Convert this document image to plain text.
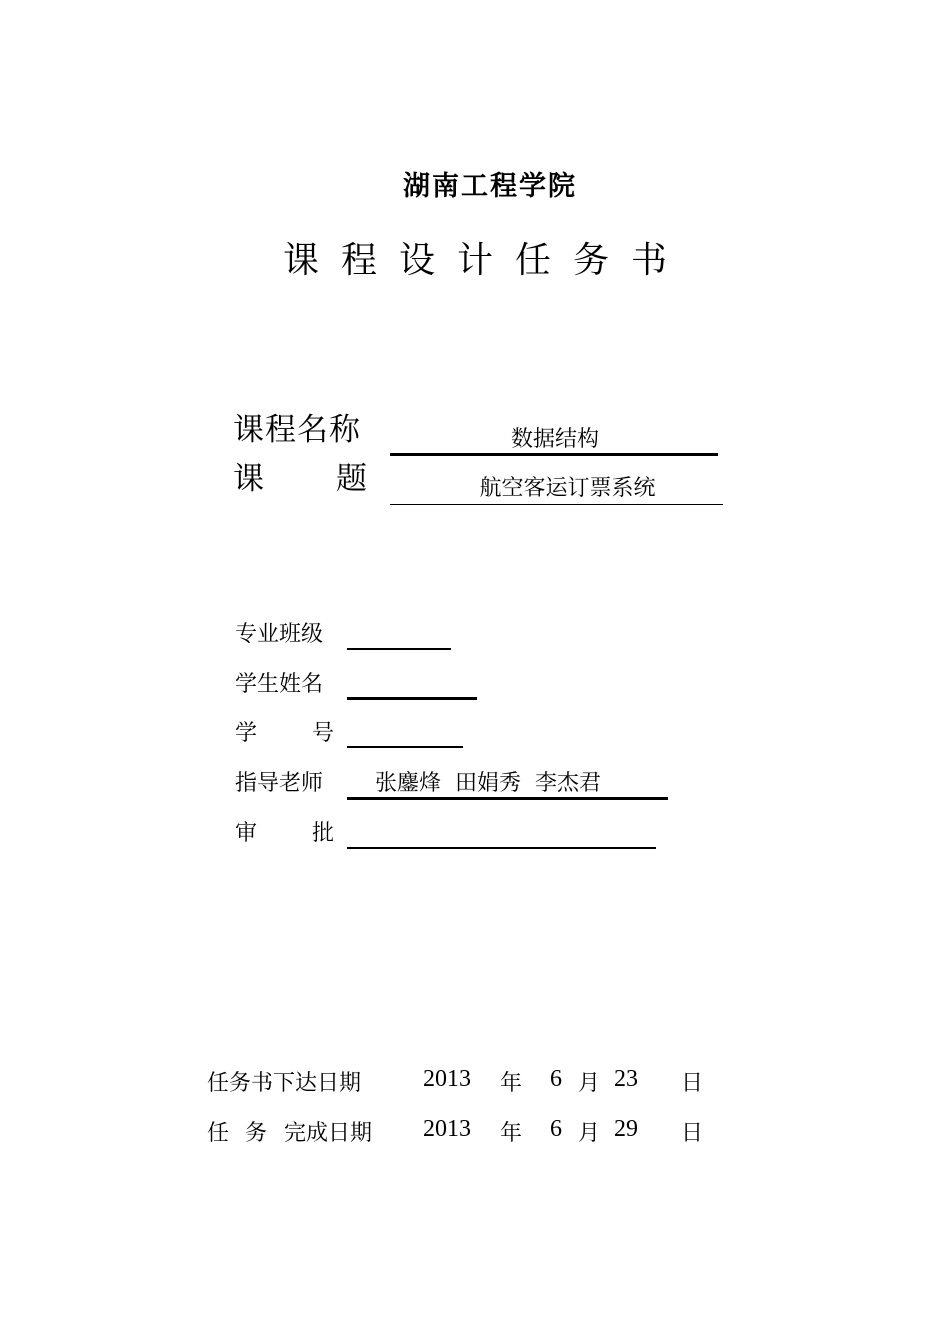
湖南工程学院
课程设计任务书
课程名称	数据结构
课 题	航空客运订票系统
专业班级
学生姓名
学 号
指导老师 张鏖烽 田娟秀 李杰君
审 批
任务书下达日期	2013 年 6 月 23 日
任 务 完成日期 2013 年 6 月 29 日
